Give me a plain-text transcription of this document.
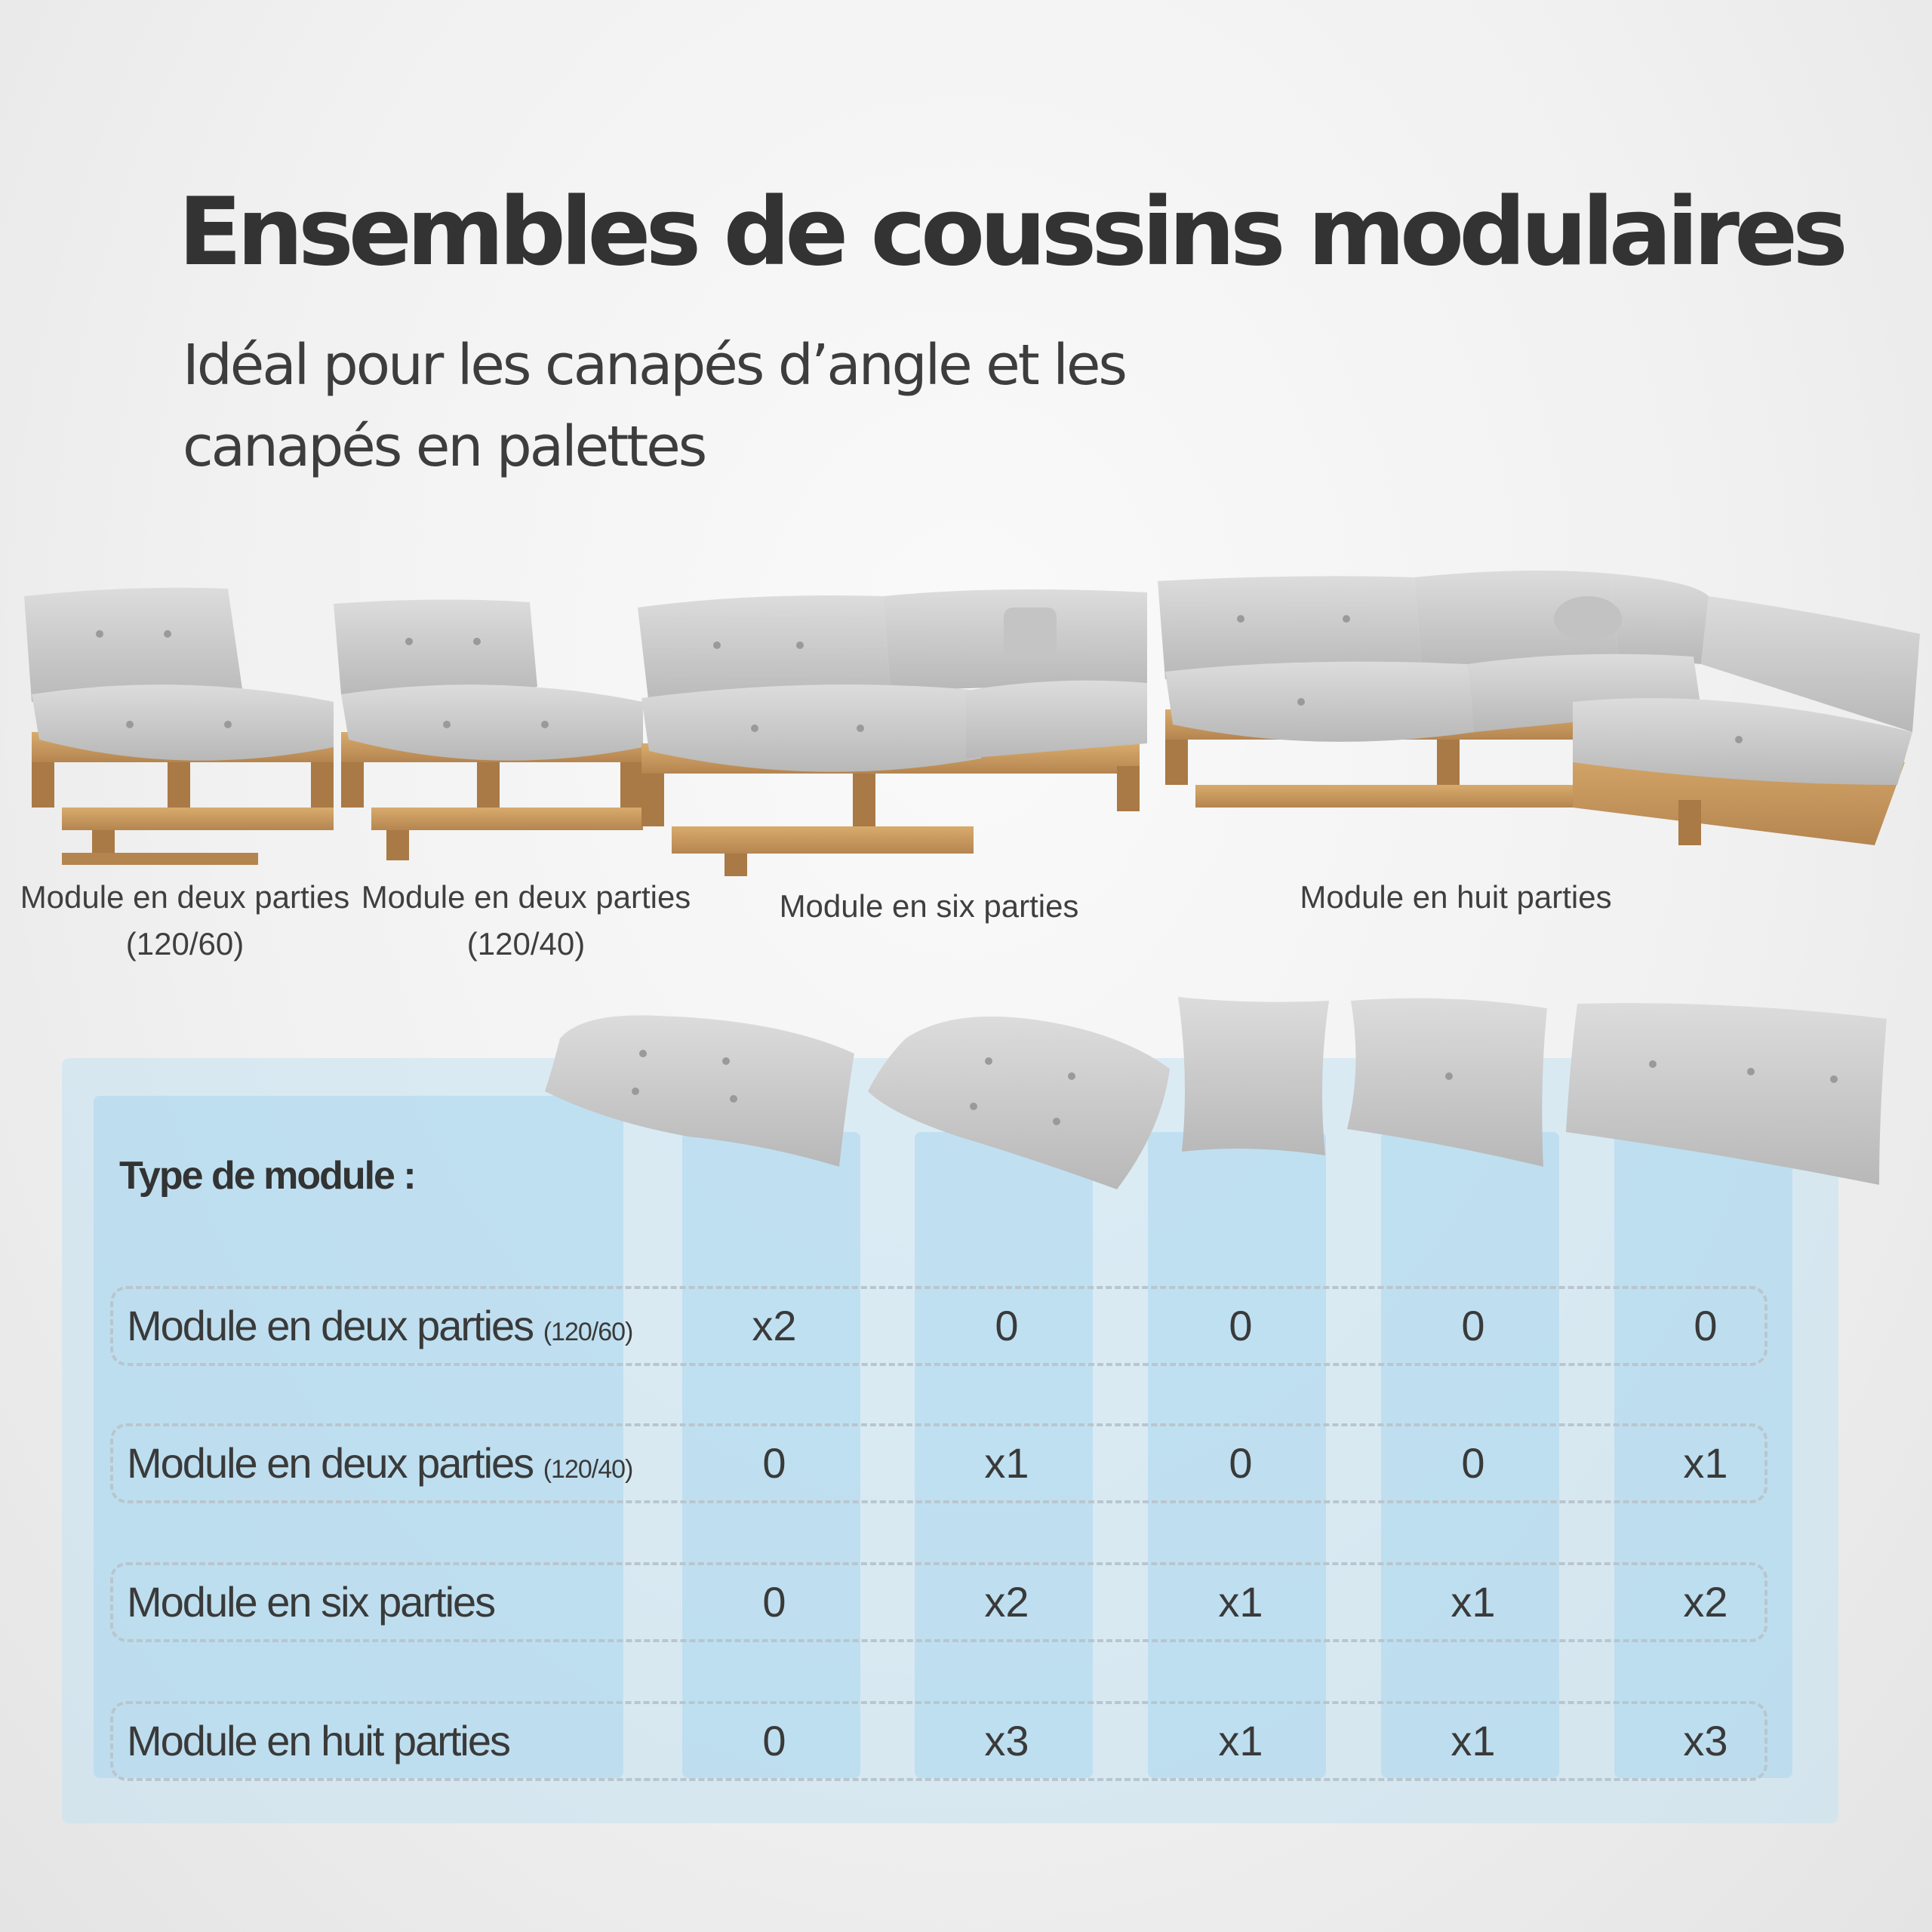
Ensembles de coussins modulaires

Idéal pour les canapés d’angle et les canapés en palettes

Module en deux parties
(120/60)
Module en deux parties
(120/40)
Module en six parties	Module en huit parties
Type de module :
Module en deux parties (120/60)	x2	0	0	0	0
Module en deux parties (120/40)	0	x1	0	0	x1
Module en six parties	0	x2	x1	x1	x2
Module en huit parties	0	x3	x1	x1	x3
